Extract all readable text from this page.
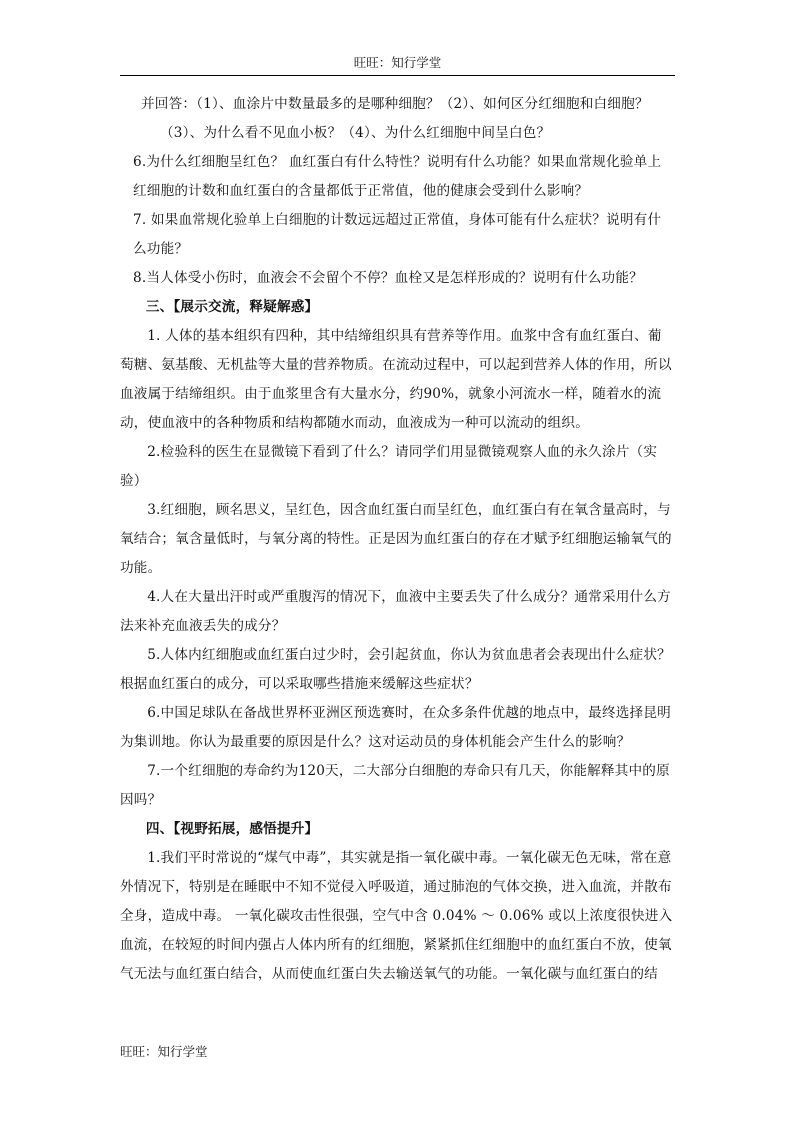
旺旺：知行学堂

并回答：（1）、血涂片中数量最多的是哪种细胞？（2）、如何区分红细胞和白细胞？

（3）、为什么看不见血小板？（4）、为什么红细胞中间呈白色？

6.为什么红细胞呈红色？ 血红蛋白有什么特性？说明有什么功能？如果血常规化验单上

红细胞的计数和血红蛋白的含量都低于正常值，他的健康会受到什么影响？

7. 如果血常规化验单上白细胞的计数远远超过正常值，身体可能有什么症状？说明有什

么功能？

8.当人体受小伤时，血液会不会留个不停？血栓又是怎样形成的？说明有什么功能？

三、【展示交流，释疑解惑】

1. 人体的基本组织有四种，其中结缔组织具有营养等作用。血浆中含有血红蛋白、葡萄糖、氨基酸、无机盐等大量的营养物质。在流动过程中，可以起到营养人体的作用，所以血液属于结缔组织。由于血浆里含有大量水分，约90%，就象小河流水一样，随着水的流动，使血液中的各种物质和结构都随水而动，血液成为一种可以流动的组织。

2.检验科的医生在显微镜下看到了什么？请同学们用显微镜观察人血的永久涂片（实验）

3.红细胞，顾名思义，呈红色，因含血红蛋白而呈红色，血红蛋白有在氧含量高时，与氧结合；氧含量低时，与氧分离的特性。正是因为血红蛋白的存在才赋予红细胞运输氧气的功能。

4.人在大量出汗时或严重腹泻的情况下，血液中主要丢失了什么成分？通常采用什么方法来补充血液丢失的成分？

5.人体内红细胞或血红蛋白过少时，会引起贫血，你认为贫血患者会表现出什么症状？根据血红蛋白的成分，可以采取哪些措施来缓解这些症状？

6.中国足球队在备战世界杯亚洲区预选赛时，在众多条件优越的地点中，最终选择昆明为集训地。你认为最重要的原因是什么？这对运动员的身体机能会产生什么的影响？

7.一个红细胞的寿命约为120天，二大部分白细胞的寿命只有几天，你能解释其中的原因吗？

四、【视野拓展，感悟提升】

1.我们平时常说的“煤气中毒”，其实就是指一氧化碳中毒。一氧化碳无色无味，常在意外情况下，特别是在睡眠中不知不觉侵入呼吸道，通过肺泡的气体交换，进入血流，并散布全身，造成中毒。 一氧化碳攻击性很强，空气中含 0.04% ～ 0.06% 或以上浓度很快进入血流，在较短的时间内强占人体内所有的红细胞，紧紧抓住红细胞中的血红蛋白不放，使氧气无法与血红蛋白结合，从而使血红蛋白失去输送氧气的功能。一氧化碳与血红蛋白的结

旺旺：知行学堂
